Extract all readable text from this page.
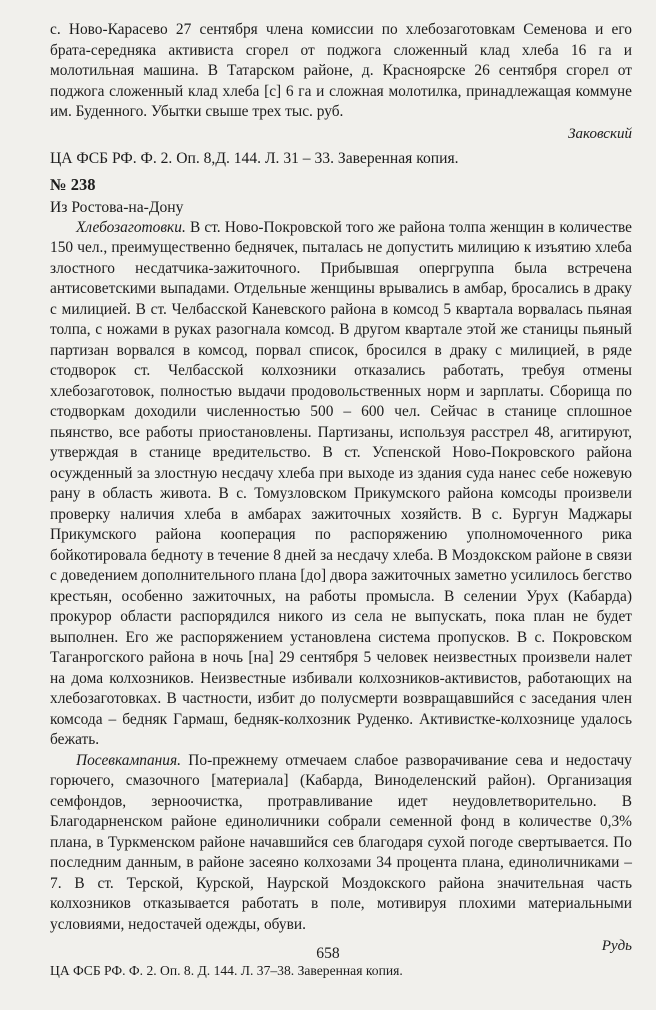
с. Ново-Карасево 27 сентября члена комиссии по хлебозаготовкам Семенова и его брата-середняка активиста сгорел от поджога сложенный клад хлеба 16 га и молотильная машина. В Татарском районе, д. Красноярске 26 сентября сгорел от поджога сложенный клад хлеба [с] 6 га и сложная молотилка, принадлежащая коммуне им. Буденного. Убытки свыше трех тыс. руб.

Заковский

ЦА ФСБ РФ. Ф. 2. Оп. 8,Д. 144. Л. 31 – 33. Заверенная копия.

№ 238

Из Ростова-на-Дону

Хлебозаготовки. В ст. Ново-Покровской того же района толпа женщин в количестве 150 чел., преимущественно беднячек, пыталась не допустить милицию к изъятию хлеба злостного несдатчика-зажиточного. Прибывшая опергруппа была встречена антисоветскими выпадами. Отдельные женщины врывались в амбар, бросались в драку с милицией. В ст. Челбасской Каневского района в комсод 5 квартала ворвалась пьяная толпа, с ножами в руках разогнала комсод. В другом квартале этой же станицы пьяный партизан ворвался в комсод, порвал список, бросился в драку с милицией, в ряде стодворок ст. Челбасской колхозники отказались работать, требуя отмены хлебозаготовок, полностью выдачи продовольственных норм и зарплаты. Сборища по стодворкам доходили численностью 500 – 600 чел. Сейчас в станице сплошное пьянство, все работы приостановлены. Партизаны, используя расстрел 48, агитируют, утверждая в станице вредительство. В ст. Успенской Ново-Покровского района осужденный за злостную несдачу хлеба при выходе из здания суда нанес себе ножевую рану в область живота. В с. Томузловском Прикумского района комсоды произвели проверку наличия хлеба в амбарах зажиточных хозяйств. В с. Бургун Маджары Прикумского района кооперация по распоряжению уполномоченного рика бойкотировала бедноту в течение 8 дней за несдачу хлеба. В Моздокском районе в связи с доведением дополнительного плана [до] двора зажиточных заметно усилилось бегство крестьян, особенно зажиточных, на работы промысла. В селении Урух (Кабарда) прокурор области распорядился никого из села не выпускать, пока план не будет выполнен. Его же распоряжением установлена система пропусков. В с. Покровском Таганрогского района в ночь [на] 29 сентября 5 человек неизвестных произвели налет на дома колхозников. Неизвестные избивали колхозников-активистов, работающих на хлебозаготовках. В частности, избит до полусмерти возвращавшийся с заседания член комсода – бедняк Гармаш, бедняк-колхозник Руденко. Активистке-колхознице удалось бежать.

Посевкампания. По-прежнему отмечаем слабое разворачивание сева и недостачу горючего, смазочного [материала] (Кабарда, Виноделенский район). Организация семфондов, зерноочистка, протравливание идет неудовлетворительно. В Благодарненском районе единоличники собрали семенной фонд в количестве 0,3% плана, в Туркменском районе начавшийся сев благодаря сухой погоде свертывается. По последним данным, в районе засеяно колхозами 34 процента плана, единоличниками – 7. В ст. Терской, Курской, Наурской Моздокского района значительная часть колхозников отказывается работать в поле, мотивируя плохими материальными условиями, недостачей одежды, обуви.

Рудь

ЦА ФСБ РФ. Ф. 2. Оп. 8. Д. 144. Л. 37–38. Заверенная копия.

658
